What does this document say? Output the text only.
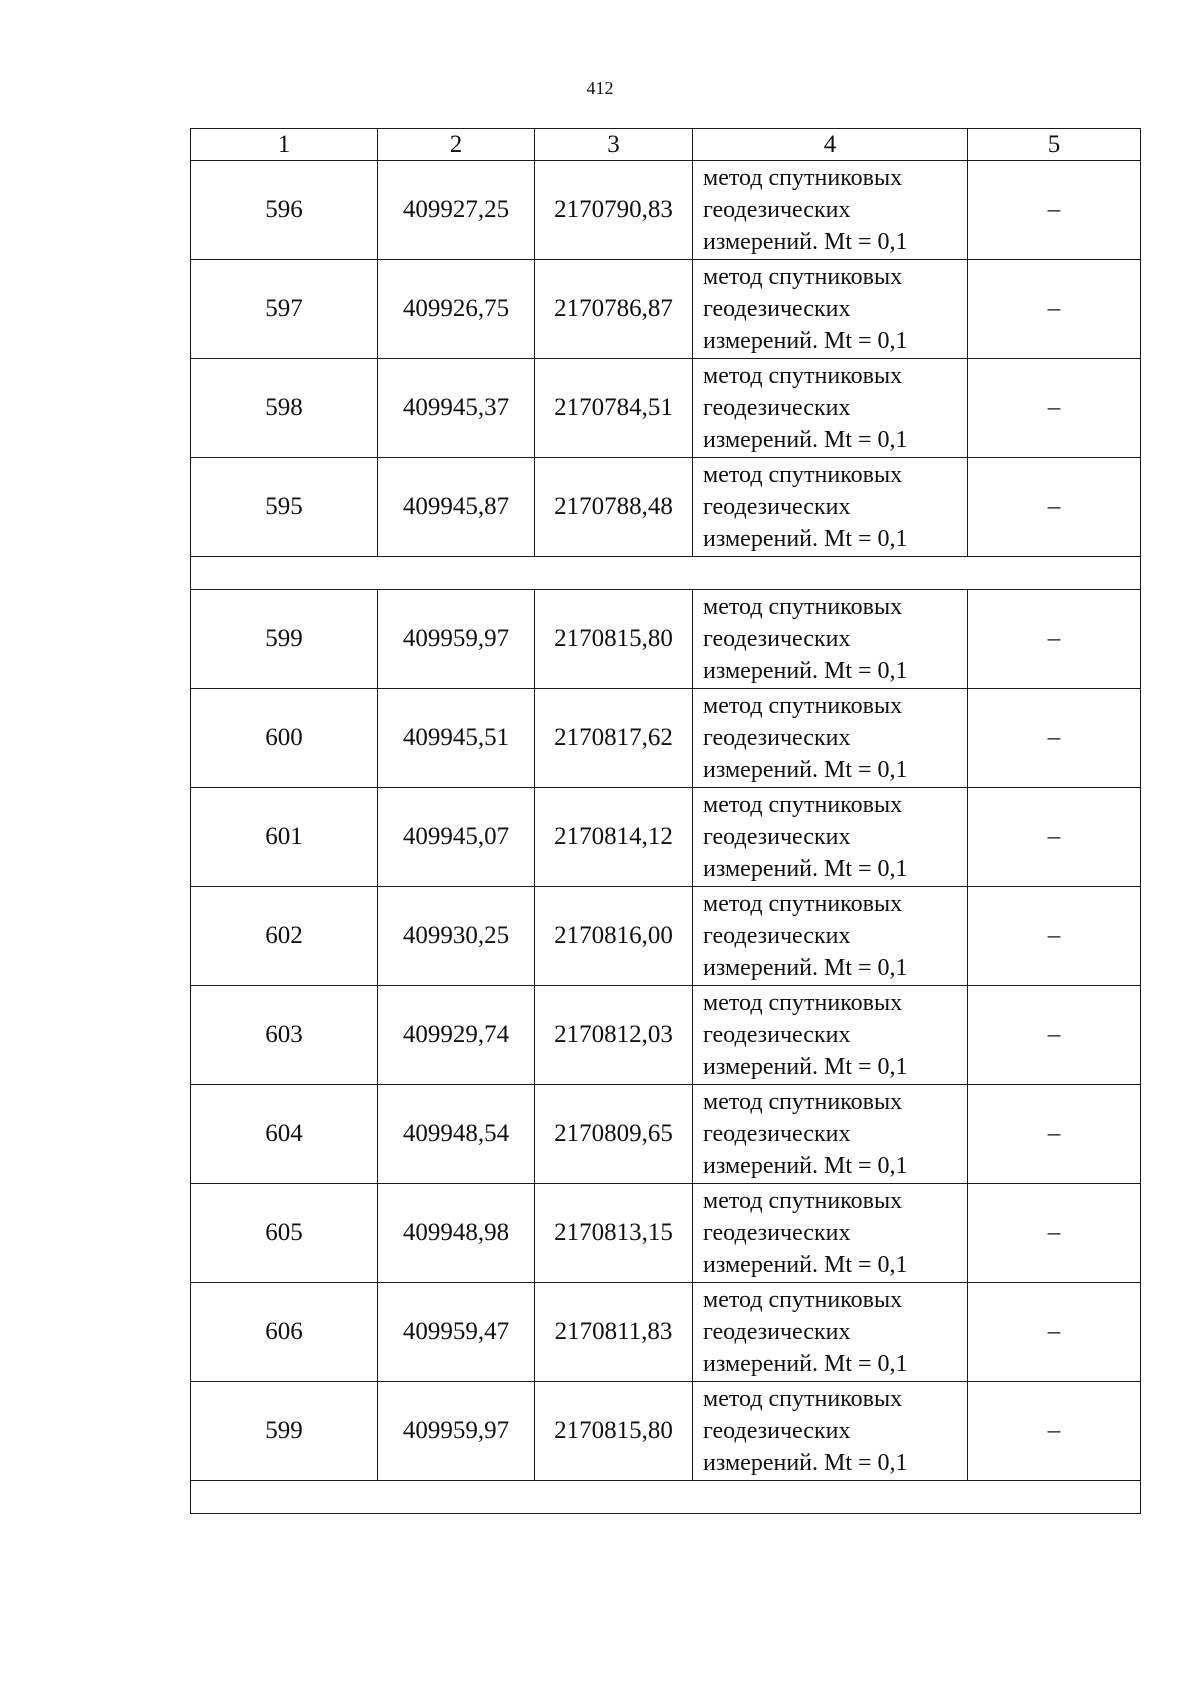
412
1	2	3	4	5
596	409927,25	2170790,83	метод спутниковых
геодезических
измерений. Mt = 0,1	–
597	409926,75	2170786,87	метод спутниковых
геодезических
измерений. Mt = 0,1	–
598	409945,37	2170784,51	метод спутниковых
геодезических
измерений. Mt = 0,1	–
595	409945,87	2170788,48	метод спутниковых
геодезических
измерений. Mt = 0,1	–

599	409959,97	2170815,80	метод спутниковых
геодезических
измерений. Mt = 0,1	–
600	409945,51	2170817,62	метод спутниковых
геодезических
измерений. Mt = 0,1	–
601	409945,07	2170814,12	метод спутниковых
геодезических
измерений. Mt = 0,1	–
602	409930,25	2170816,00	метод спутниковых
геодезических
измерений. Mt = 0,1	–
603	409929,74	2170812,03	метод спутниковых
геодезических
измерений. Mt = 0,1	–
604	409948,54	2170809,65	метод спутниковых
геодезических
измерений. Mt = 0,1	–
605	409948,98	2170813,15	метод спутниковых
геодезических
измерений. Mt = 0,1	–
606	409959,47	2170811,83	метод спутниковых
геодезических
измерений. Mt = 0,1	–
599	409959,97	2170815,80	метод спутниковых
геодезических
измерений. Mt = 0,1	–
